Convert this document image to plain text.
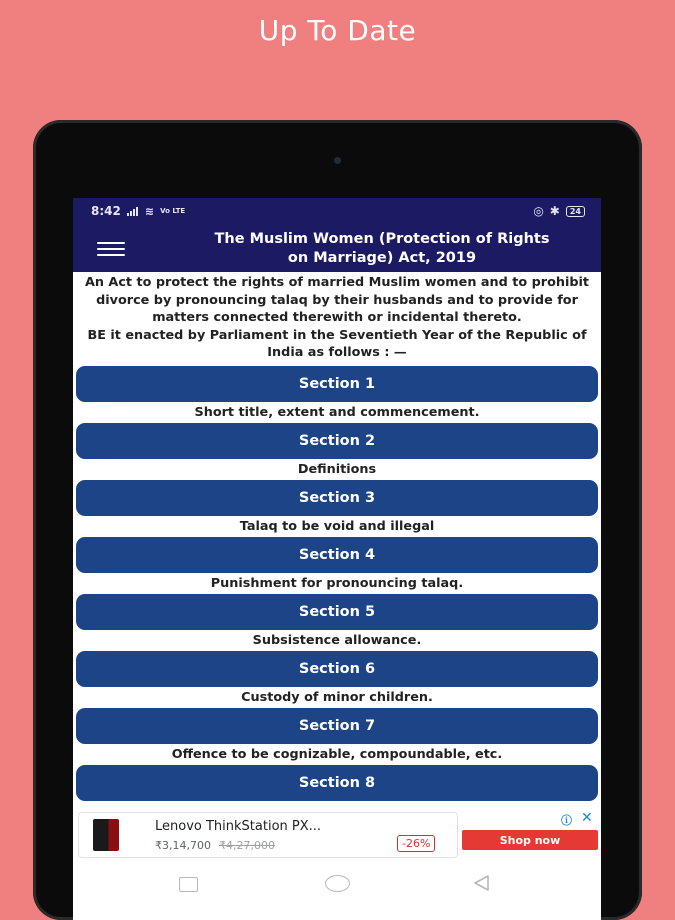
Up To Date
8:42 ≋ Vo LTE	◎ ✱	24
The Muslim Women (Protection of Rights on Marriage) Act, 2019
An Act to protect the rights of married Muslim women and to prohibit divorce by pronouncing talaq by their husbands and to provide for matters connected therewith or incidental thereto.
BE it enacted by Parliament in the Seventieth Year of the Republic of India as follows : —
Section 1
Short title, extent and commencement.
Section 2
Definitions
Section 3
Talaq to be void and illegal
Section 4
Punishment for pronouncing talaq.
Section 5
Subsistence allowance.
Section 6
Custody of minor children.
Section 7
Offence to be cognizable, compoundable, etc.
Section 8
Lenovo ThinkStation PX...
₹3,14,700 ₹4,27,000	-26%
ⓘ ✕
Shop now
